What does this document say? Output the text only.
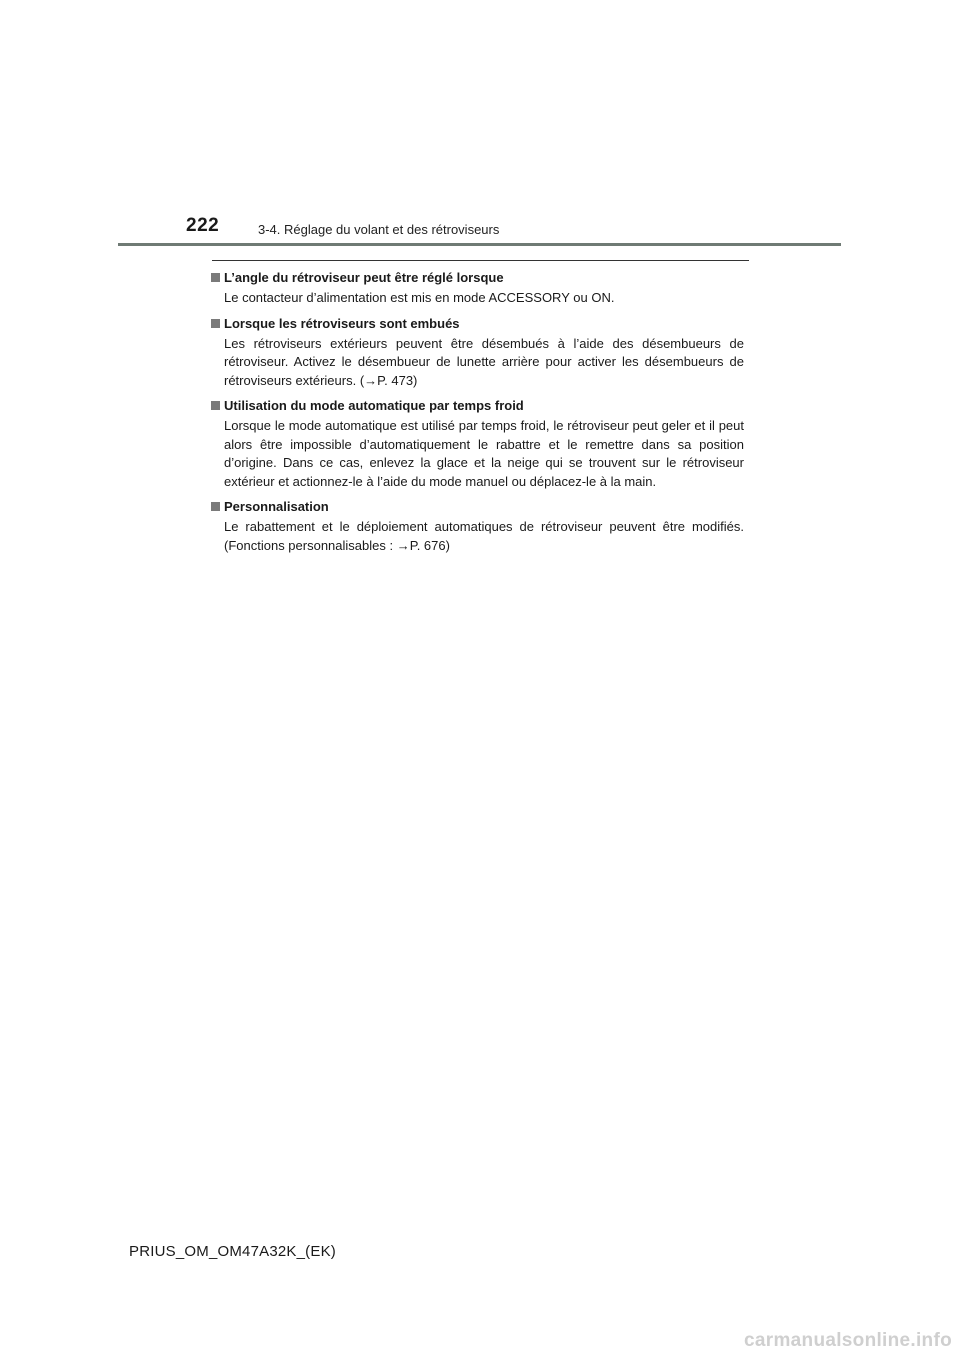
222	3-4. Réglage du volant et des rétroviseurs
L’angle du rétroviseur peut être réglé lorsque

Le contacteur d’alimentation est mis en mode ACCESSORY ou ON.

Lorsque les rétroviseurs sont embués

Les rétroviseurs extérieurs peuvent être désembués à l’aide des désembueurs de rétroviseur. Activez le désembueur de lunette arrière pour activer les désembueurs de rétroviseurs extérieurs. (→P. 473)

Utilisation du mode automatique par temps froid

Lorsque le mode automatique est utilisé par temps froid, le rétroviseur peut geler et il peut alors être impossible d’automatiquement le rabattre et le remettre dans sa position d’origine. Dans ce cas, enlevez la glace et la neige qui se trouvent sur le rétroviseur extérieur et actionnez-le à l’aide du mode manuel ou déplacez-le à la main.

Personnalisation

Le rabattement et le déploiement automatiques de rétroviseur peuvent être modifiés. (Fonctions personnalisables : →P. 676)

PRIUS_OM_OM47A32K_(EK)
carmanualsonline.info
